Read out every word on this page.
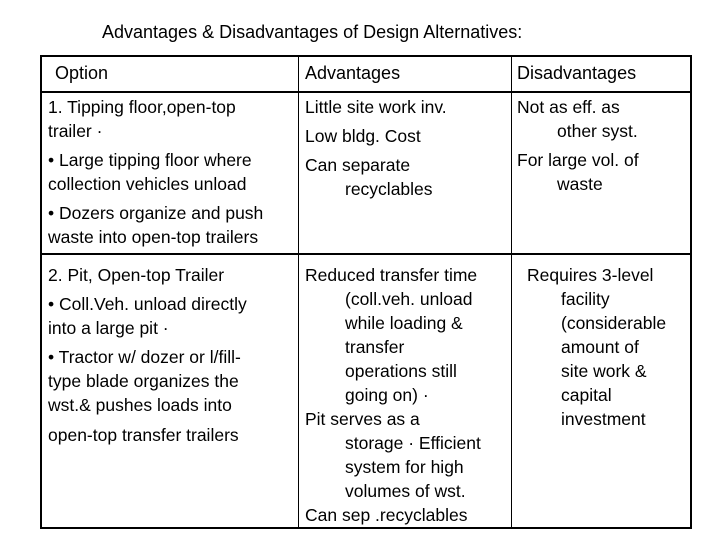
Advantages & Disadvantages of Design Alternatives:
Option	Advantages	Disadvantages
1. Tipping floor,open-top
trailer ·
• Large tipping floor where
collection vehicles unload
• Dozers organize and push
waste into open-top trailers
Little site work inv.
Low bldg. Cost
Can separate
recyclables
Not as eff. as
other syst.
For large vol. of
waste
2. Pit, Open-top Trailer
• Coll.Veh. unload directly
into a large pit ·
• Tractor w/ dozer or l/fill-
type blade organizes the
wst.& pushes loads into
open-top transfer trailers
Reduced transfer time
(coll.veh. unload
while loading &
transfer
operations still
going on) ·
Pit serves as a
storage · Efficient
system for high
volumes of wst.
Can sep .recyclables
Requires 3-level
facility
(considerable
amount of
site work &
capital
investment
